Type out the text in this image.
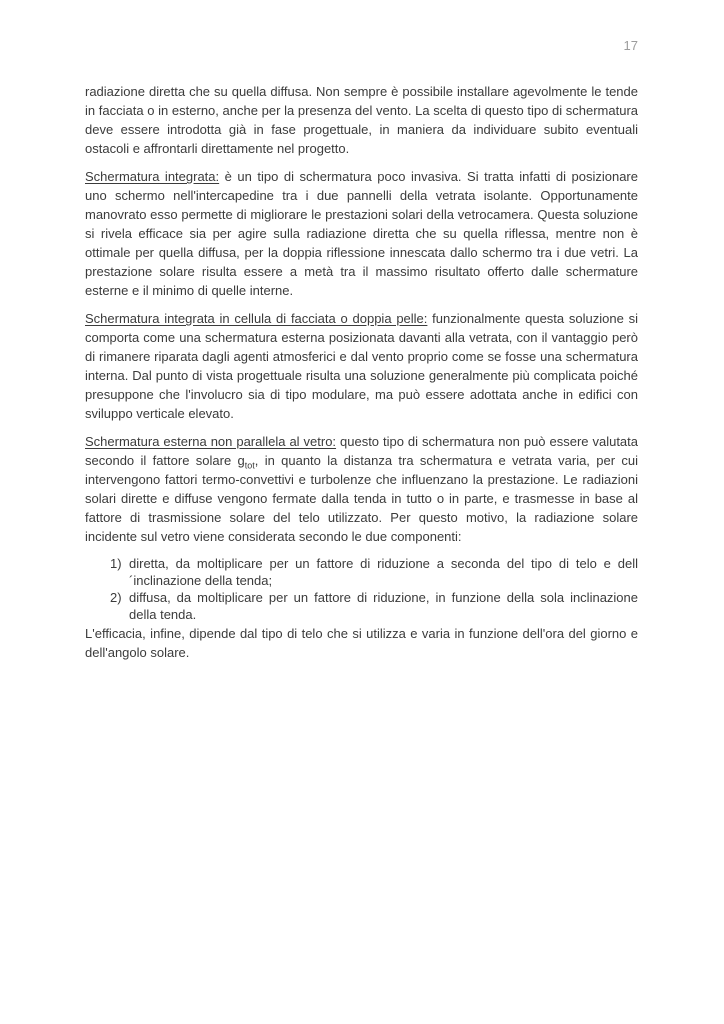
17

radiazione diretta che su quella diffusa. Non sempre è possibile installare agevolmente le tende in facciata o in esterno, anche per la presenza del vento. La scelta di questo tipo di schermatura deve essere introdotta già in fase progettuale, in maniera da individuare subito eventuali ostacoli e affrontarli direttamente nel progetto.

Schermatura integrata: è un tipo di schermatura poco invasiva. Si tratta infatti di posizionare uno schermo nell'intercapedine tra i due pannelli della vetrata isolante. Opportunamente manovrato esso permette di migliorare le prestazioni solari della vetrocamera. Questa soluzione si rivela efficace sia per agire sulla radiazione diretta che su quella riflessa, mentre non è ottimale per quella diffusa, per la doppia riflessione innescata dallo schermo tra i due vetri. La prestazione solare risulta essere a metà tra il massimo risultato offerto dalle schermature esterne e il minimo di quelle interne.

Schermatura integrata in cellula di facciata o doppia pelle: funzionalmente questa soluzione si comporta come una schermatura esterna posizionata davanti alla vetrata, con il vantaggio però di rimanere riparata dagli agenti atmosferici e dal vento proprio come se fosse una schermatura interna. Dal punto di vista progettuale risulta una soluzione generalmente più complicata poiché presuppone che l'involucro sia di tipo modulare, ma può essere adottata anche in edifici con sviluppo verticale elevato.

Schermatura esterna non parallela al vetro: questo tipo di schermatura non può essere valutata secondo il fattore solare $g_{tot}$, in quanto la distanza tra schermatura e vetrata varia, per cui intervengono fattori termo-convettivi e turbolenze che influenzano la prestazione. Le radiazioni solari dirette e diffuse vengono fermate dalla tenda in tutto o in parte, e trasmesse in base al fattore di trasmissione solare del telo utilizzato. Per questo motivo, la radiazione solare incidente sul vetro viene considerata secondo le due componenti:

1) diretta, da moltiplicare per un fattore di riduzione a seconda del tipo di telo e dell´inclinazione della tenda;
2) diffusa, da moltiplicare per un fattore di riduzione, in funzione della sola inclinazione della tenda.

L'efficacia, infine, dipende dal tipo di telo che si utilizza e varia in funzione dell'ora del giorno e dell'angolo solare.
